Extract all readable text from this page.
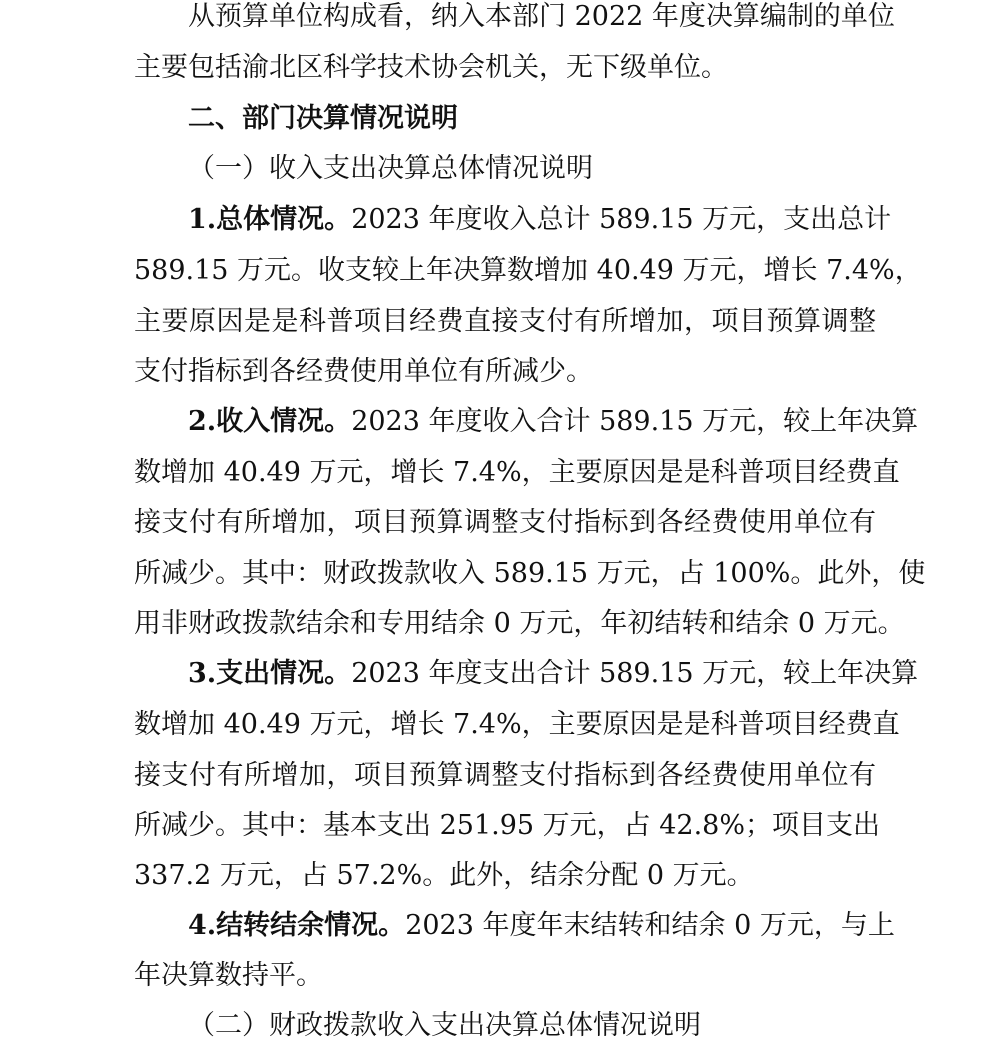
从预算单位构成看，纳入本部门 2022 年度决算编制的单位
主要包括渝北区科学技术协会机关，无下级单位。
二、部门决算情况说明
（一）收入支出决算总体情况说明
1.总体情况。2023 年度收入总计 589.15 万元，支出总计
589.15 万元。收支较上年决算数增加 40.49 万元，增长 7.4%，
主要原因是是科普项目经费直接支付有所增加，项目预算调整
支付指标到各经费使用单位有所减少。
2.收入情况。2023 年度收入合计 589.15 万元，较上年决算
数增加 40.49 万元，增长 7.4%，主要原因是是科普项目经费直
接支付有所增加，项目预算调整支付指标到各经费使用单位有
所减少。其中：财政拨款收入 589.15 万元，占 100%。此外，使
用非财政拨款结余和专用结余 0 万元，年初结转和结余 0 万元。
3.支出情况。2023 年度支出合计 589.15 万元，较上年决算
数增加 40.49 万元，增长 7.4%，主要原因是是科普项目经费直
接支付有所增加，项目预算调整支付指标到各经费使用单位有
所减少。其中：基本支出 251.95 万元，占 42.8%；项目支出
337.2 万元，占 57.2%。此外，结余分配 0 万元。
4.结转结余情况。2023 年度年末结转和结余 0 万元，与上
年决算数持平。
（二）财政拨款收入支出决算总体情况说明
